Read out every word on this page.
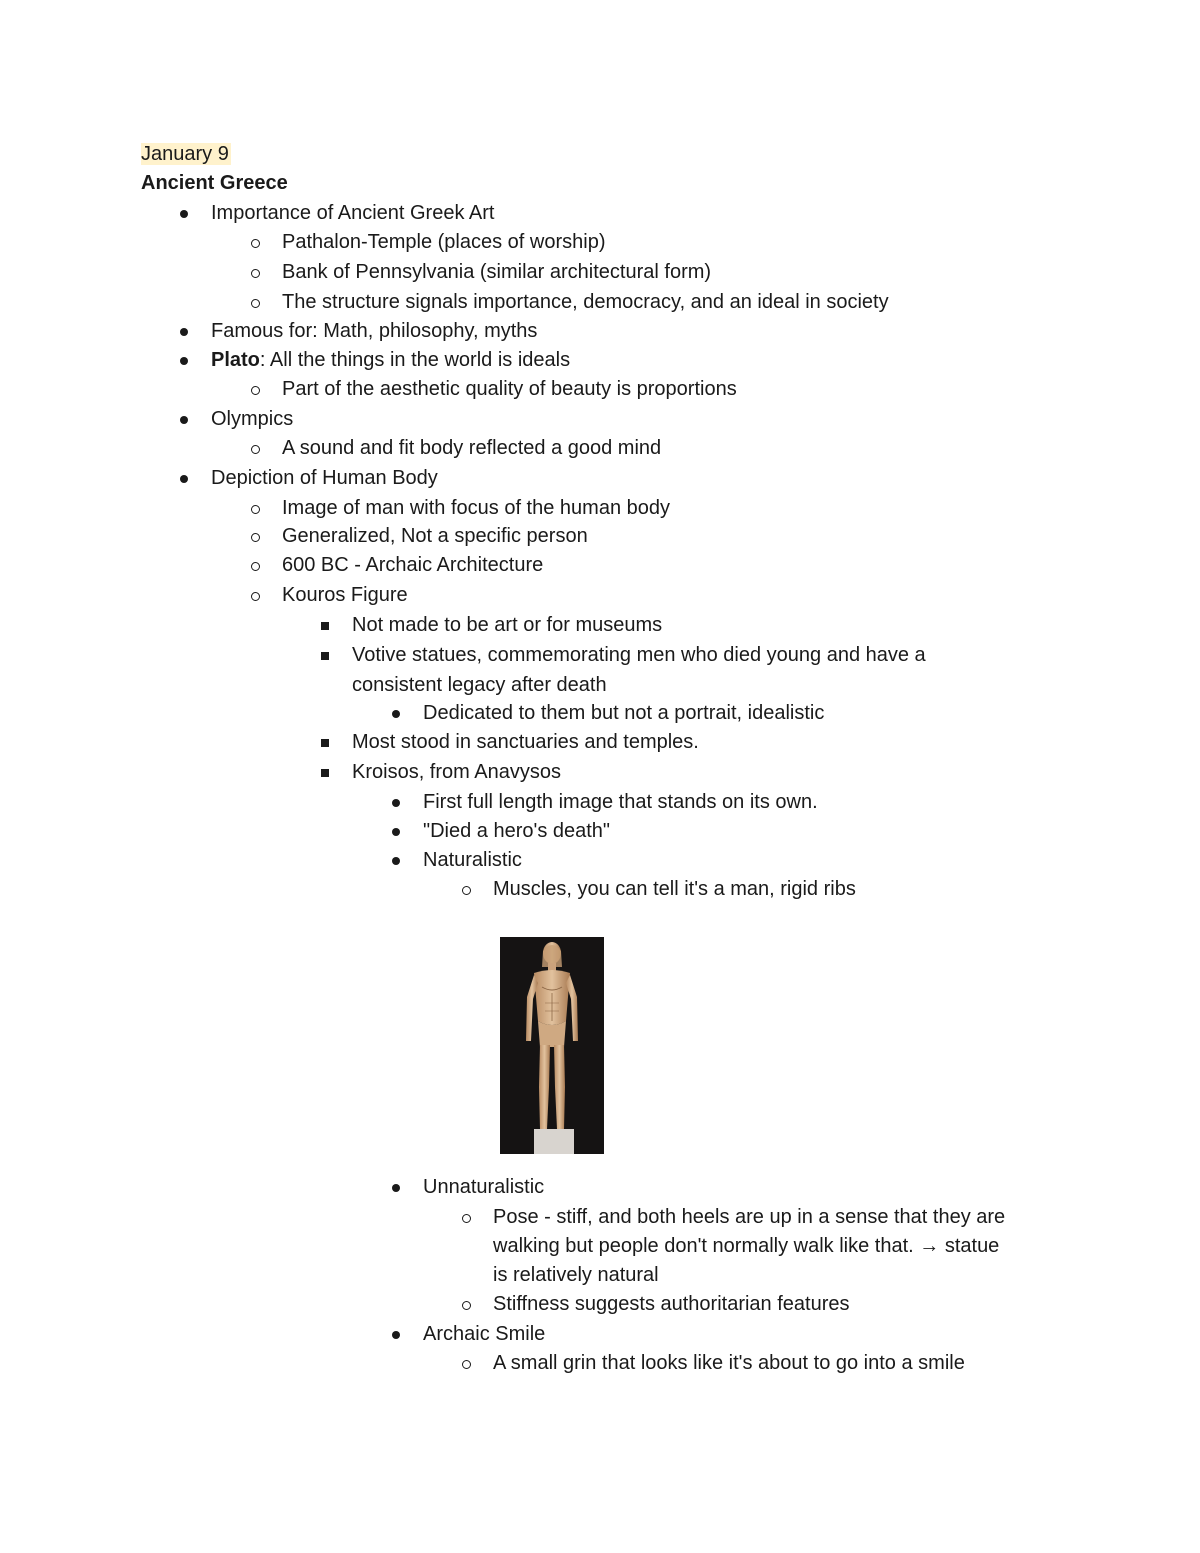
January 9
Ancient Greece
Importance of Ancient Greek Art
Pathalon-Temple (places of worship)
Bank of Pennsylvania (similar architectural form)
The structure signals importance, democracy, and an ideal in society
Famous for: Math, philosophy, myths
Plato: All the things in the world is ideals
Part of the aesthetic quality of beauty is proportions
Olympics
A sound and fit body reflected a good mind
Depiction of Human Body
Image of man with focus of the human body
Generalized, Not a specific person
600 BC - Archaic Architecture
Kouros Figure
Not made to be art or for museums
Votive statues, commemorating men who died young and have a
consistent legacy after death
Dedicated to them but not a portrait, idealistic
Most stood in sanctuaries and temples.
Kroisos, from Anavysos
First full length image that stands on its own.
"Died a hero's death"
Naturalistic
Muscles, you can tell it's a man, rigid ribs
Unnaturalistic
Pose - stiff, and both heels are up in a sense that they are
walking but people don't normally walk like that. → statue
is relatively natural
Stiffness suggests authoritarian features
Archaic Smile
A small grin that looks like it's about to go into a smile
